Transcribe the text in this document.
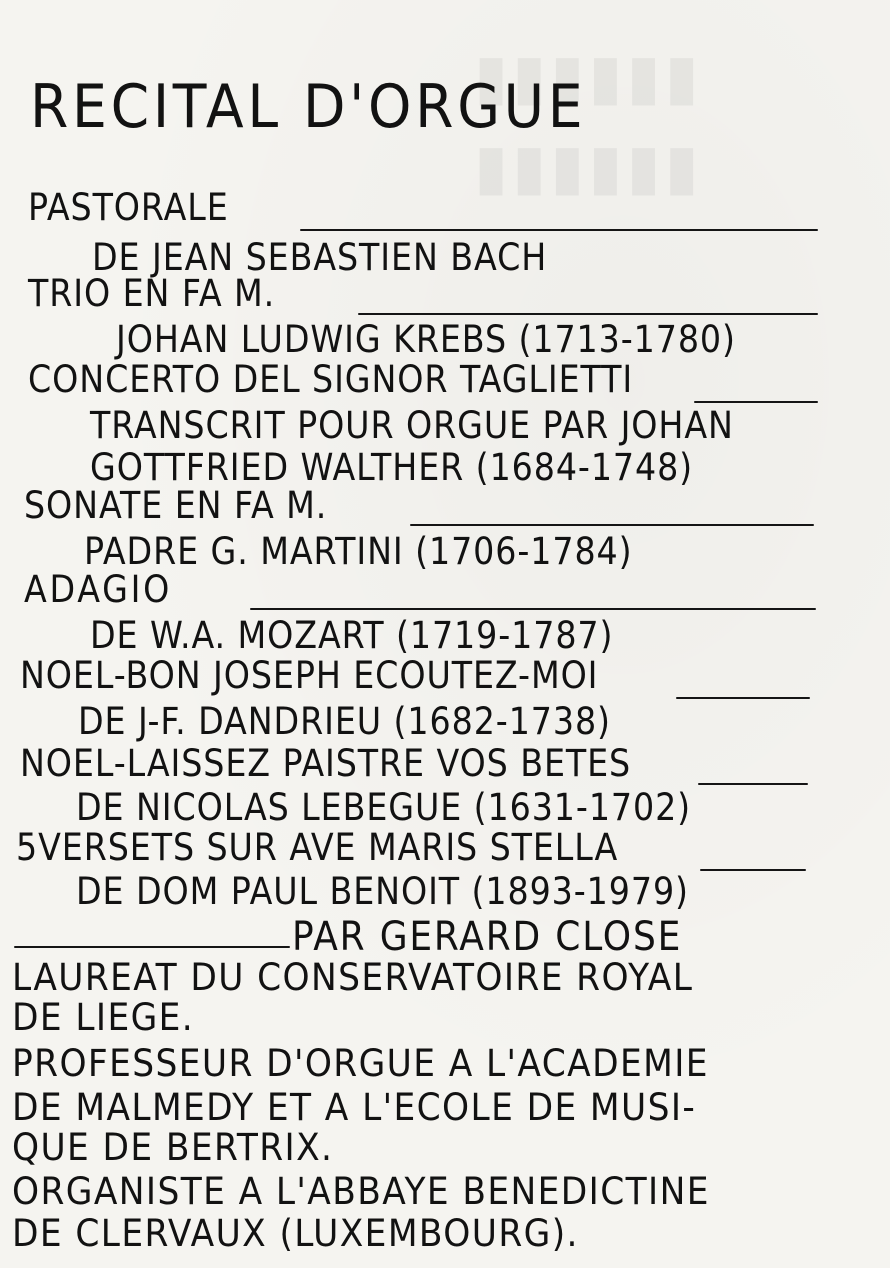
▮▮▮▮▮▮
▮▮▮▮▮▮
RECITAL D'ORGUE
PASTORALE
DE JEAN SEBASTIEN BACH
TRIO EN FA M.
JOHAN LUDWIG KREBS (1713-1780)
CONCERTO DEL SIGNOR TAGLIETTI
TRANSCRIT POUR ORGUE PAR JOHAN
GOTTFRIED WALTHER (1684-1748)
SONATE EN FA M.
PADRE G. MARTINI (1706-1784)
ADAGIO
DE W.A. MOZART (1719-1787)
NOEL-BON JOSEPH ECOUTEZ-MOI
DE J-F. DANDRIEU (1682-1738)
NOEL-LAISSEZ PAISTRE VOS BETES
DE NICOLAS LEBEGUE (1631-1702)
5VERSETS SUR AVE MARIS STELLA
DE DOM PAUL BENOIT (1893-1979)
PAR GERARD CLOSE
LAUREAT DU CONSERVATOIRE ROYAL
DE LIEGE.
PROFESSEUR D'ORGUE A L'ACADEMIE
DE MALMEDY ET A L'ECOLE DE MUSI-
QUE DE BERTRIX.
ORGANISTE A L'ABBAYE BENEDICTINE
DE CLERVAUX (LUXEMBOURG).
